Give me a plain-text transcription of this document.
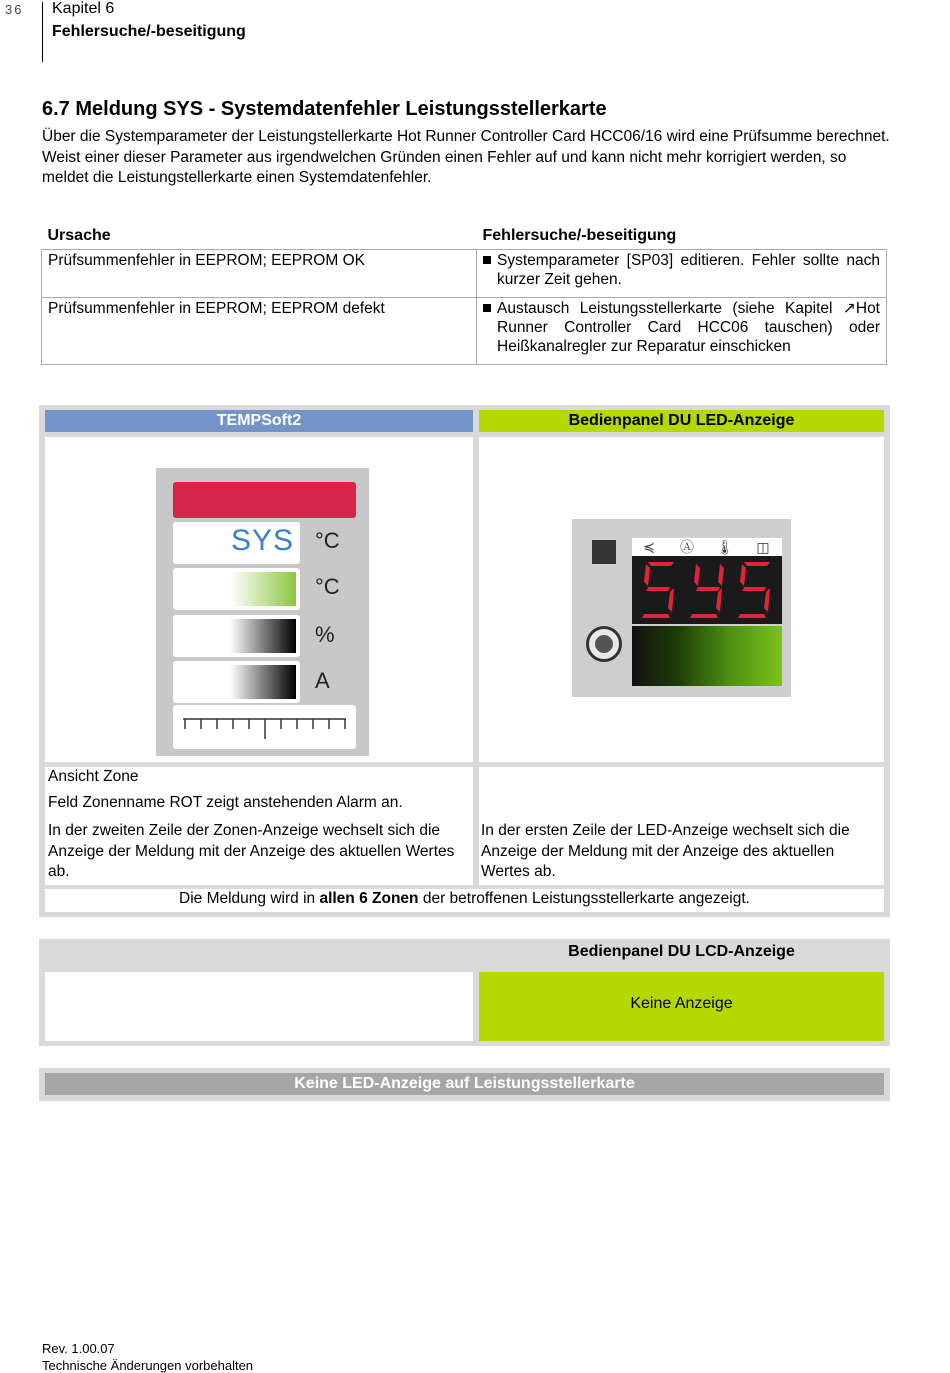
36 Kapitel 6
Fehlersuche/-beseitigung
6.7 Meldung SYS - Systemdatenfehler Leistungsstellerkarte
Über die Systemparameter der Leistungstellerkarte Hot Runner Controller Card HCC06/16 wird eine Prüfsumme berechnet. Weist einer dieser Parameter aus irgendwelchen Gründen einen Fehler auf und kann nicht mehr korrigiert werden, so meldet die Leistungstellerkarte einen Systemdatenfehler.
Ursache	Fehlersuche/-beseitigung
Prüfsummenfehler in EEPROM; EEPROM OK	Systemparameter [SP03] editieren. Fehler sollte nach kurzer Zeit gehen.

Prüfsummenfehler in EEPROM; EEPROM defekt	Austausch Leistungsstellerkarte (siehe Kapitel ↗Hot Runner Controller Card HCC06 tauschen) oder Heißkanalregler zur Reparatur einschicken
TEMPSoft2	Bedienpanel DU LED-Anzeige
SYS °C
°C
%
A
≼	Ⓐ	🌡	◫
Ansicht Zone
Feld Zonenname ROT zeigt anstehenden Alarm an.
In der zweiten Zeile der Zonen-Anzeige wechselt sich die Anzeige der Meldung mit der Anzeige des aktuellen Wertes ab.
In der ersten Zeile der LED-Anzeige wechselt sich die Anzeige der Meldung mit der Anzeige des aktuellen Wertes ab.
Die Meldung wird in allen 6 Zonen der betroffenen Leistungsstellerkarte angezeigt.
Bedienpanel DU LCD-Anzeige
Keine Anzeige
Keine LED-Anzeige auf Leistungsstellerkarte
Rev. 1.00.07
Technische Änderungen vorbehalten
